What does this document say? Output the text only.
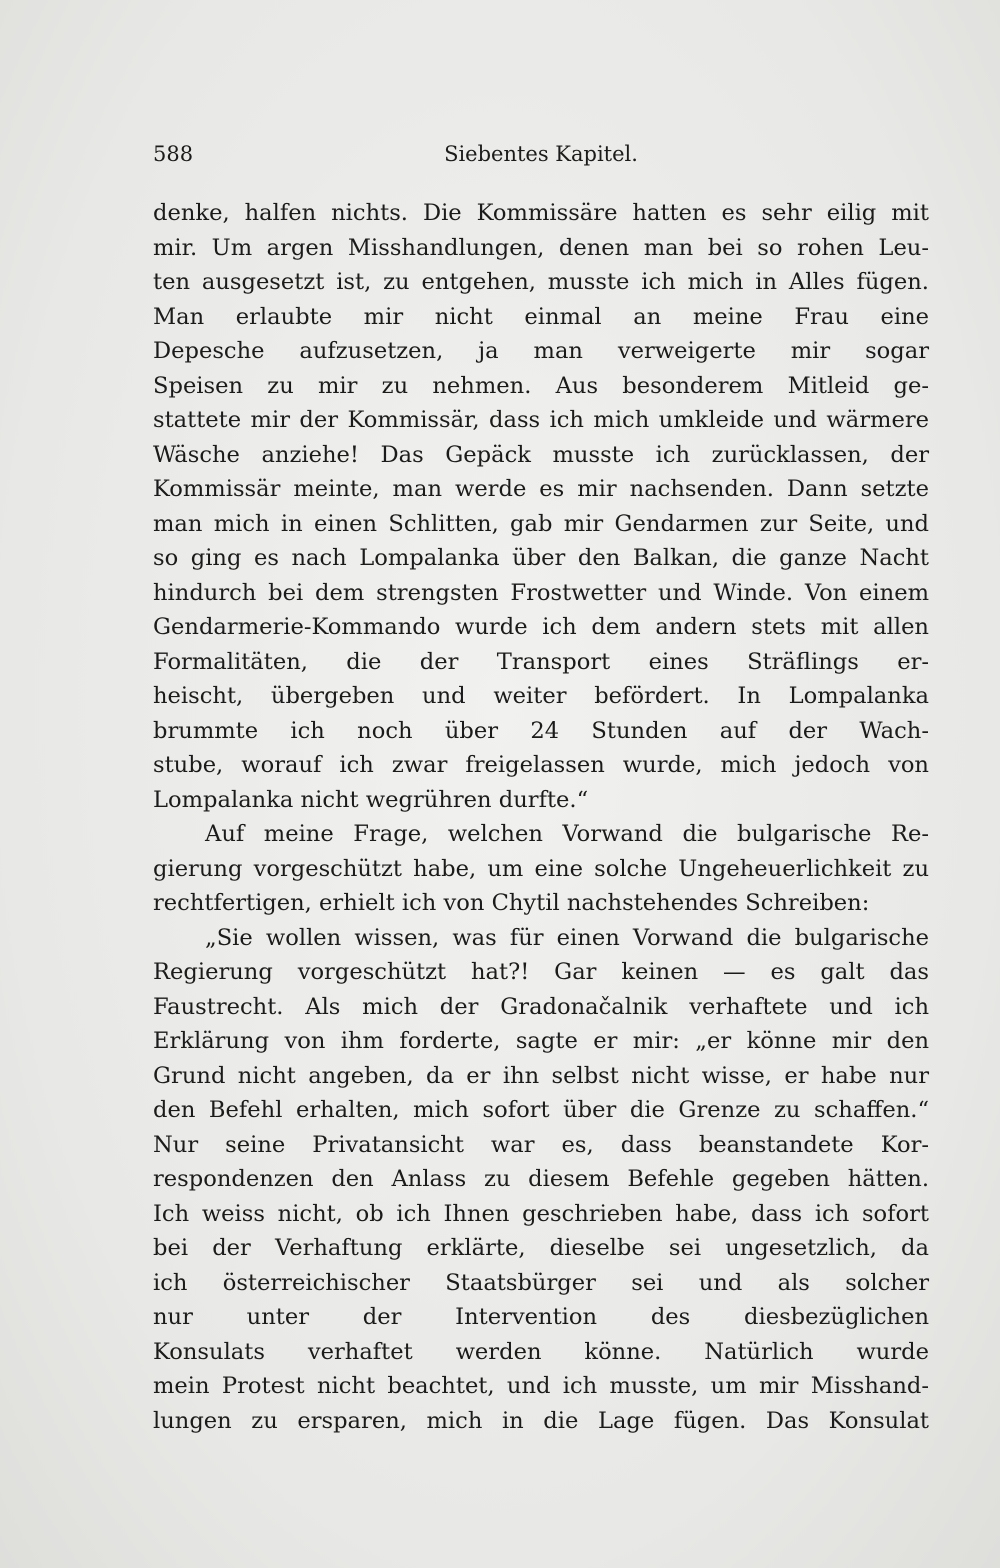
588	Siebentes Kapitel.
denke, halfen nichts. Die Kommissäre hatten es sehr eilig mit
mir. Um argen Misshandlungen, denen man bei so rohen Leu-
ten ausgesetzt ist, zu entgehen, musste ich mich in Alles fügen.
Man erlaubte mir nicht einmal an meine Frau eine
Depesche aufzusetzen, ja man verweigerte mir sogar
Speisen zu mir zu nehmen. Aus besonderem Mitleid ge-
stattete mir der Kommissär, dass ich mich umkleide und wärmere
Wäsche anziehe! Das Gepäck musste ich zurücklassen, der
Kommissär meinte, man werde es mir nachsenden. Dann setzte
man mich in einen Schlitten, gab mir Gendarmen zur Seite, und
so ging es nach Lompalanka über den Balkan, die ganze Nacht
hindurch bei dem strengsten Frostwetter und Winde. Von einem
Gendarmerie-Kommando wurde ich dem andern stets mit allen
Formalitäten, die der Transport eines Sträflings er-
heischt, übergeben und weiter befördert. In Lompalanka
brummte ich noch über 24 Stunden auf der Wach-
stube, worauf ich zwar freigelassen wurde, mich jedoch von
Lompalanka nicht wegrühren durfte.“
Auf meine Frage, welchen Vorwand die bulgarische Re-
gierung vorgeschützt habe, um eine solche Ungeheuerlichkeit zu
rechtfertigen, erhielt ich von Chytil nachstehendes Schreiben:
„Sie wollen wissen, was für einen Vorwand die bulgarische
Regierung vorgeschützt hat?! Gar keinen — es galt das
Faustrecht. Als mich der Gradonačalnik verhaftete und ich
Erklärung von ihm forderte, sagte er mir: „er könne mir den
Grund nicht angeben, da er ihn selbst nicht wisse, er habe nur
den Befehl erhalten, mich sofort über die Grenze zu schaffen.“
Nur seine Privatansicht war es, dass beanstandete Kor-
respondenzen den Anlass zu diesem Befehle gegeben hätten.
Ich weiss nicht, ob ich Ihnen geschrieben habe, dass ich sofort
bei der Verhaftung erklärte, dieselbe sei ungesetzlich, da
ich österreichischer Staatsbürger sei und als solcher
nur unter der Intervention des diesbezüglichen
Konsulats verhaftet werden könne. Natürlich wurde
mein Protest nicht beachtet, und ich musste, um mir Misshand-
lungen zu ersparen, mich in die Lage fügen. Das Konsulat
